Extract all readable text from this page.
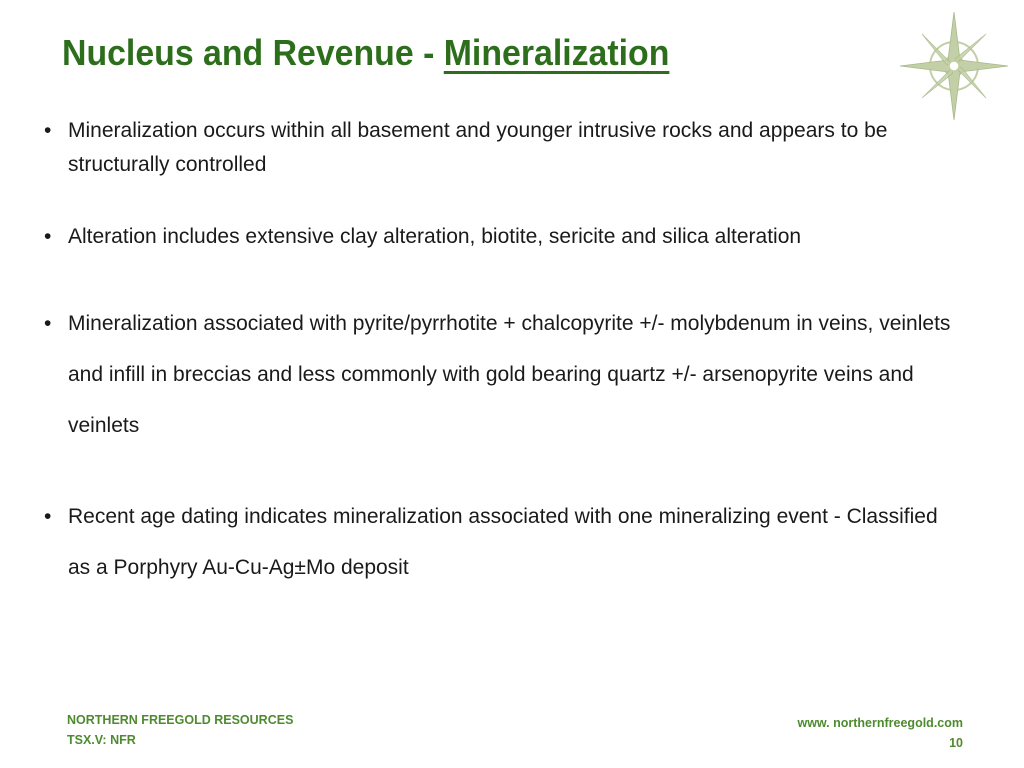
Nucleus and Revenue - Mineralization
• Mineralization occurs within all basement and younger intrusive rocks and appears to be structurally controlled
• Alteration includes extensive clay alteration, biotite, sericite and silica alteration
• Mineralization associated with pyrite/pyrrhotite + chalcopyrite +/- molybdenum in veins, veinlets and infill in breccias and less commonly with gold bearing quartz +/- arsenopyrite veins and veinlets
• Recent age dating indicates mineralization associated with one mineralizing event - Classified as a Porphyry Au-Cu-Ag±Mo deposit
NORTHERN FREEGOLD RESOURCES
TSX.V: NFR
www. northernfreegold.com
10
